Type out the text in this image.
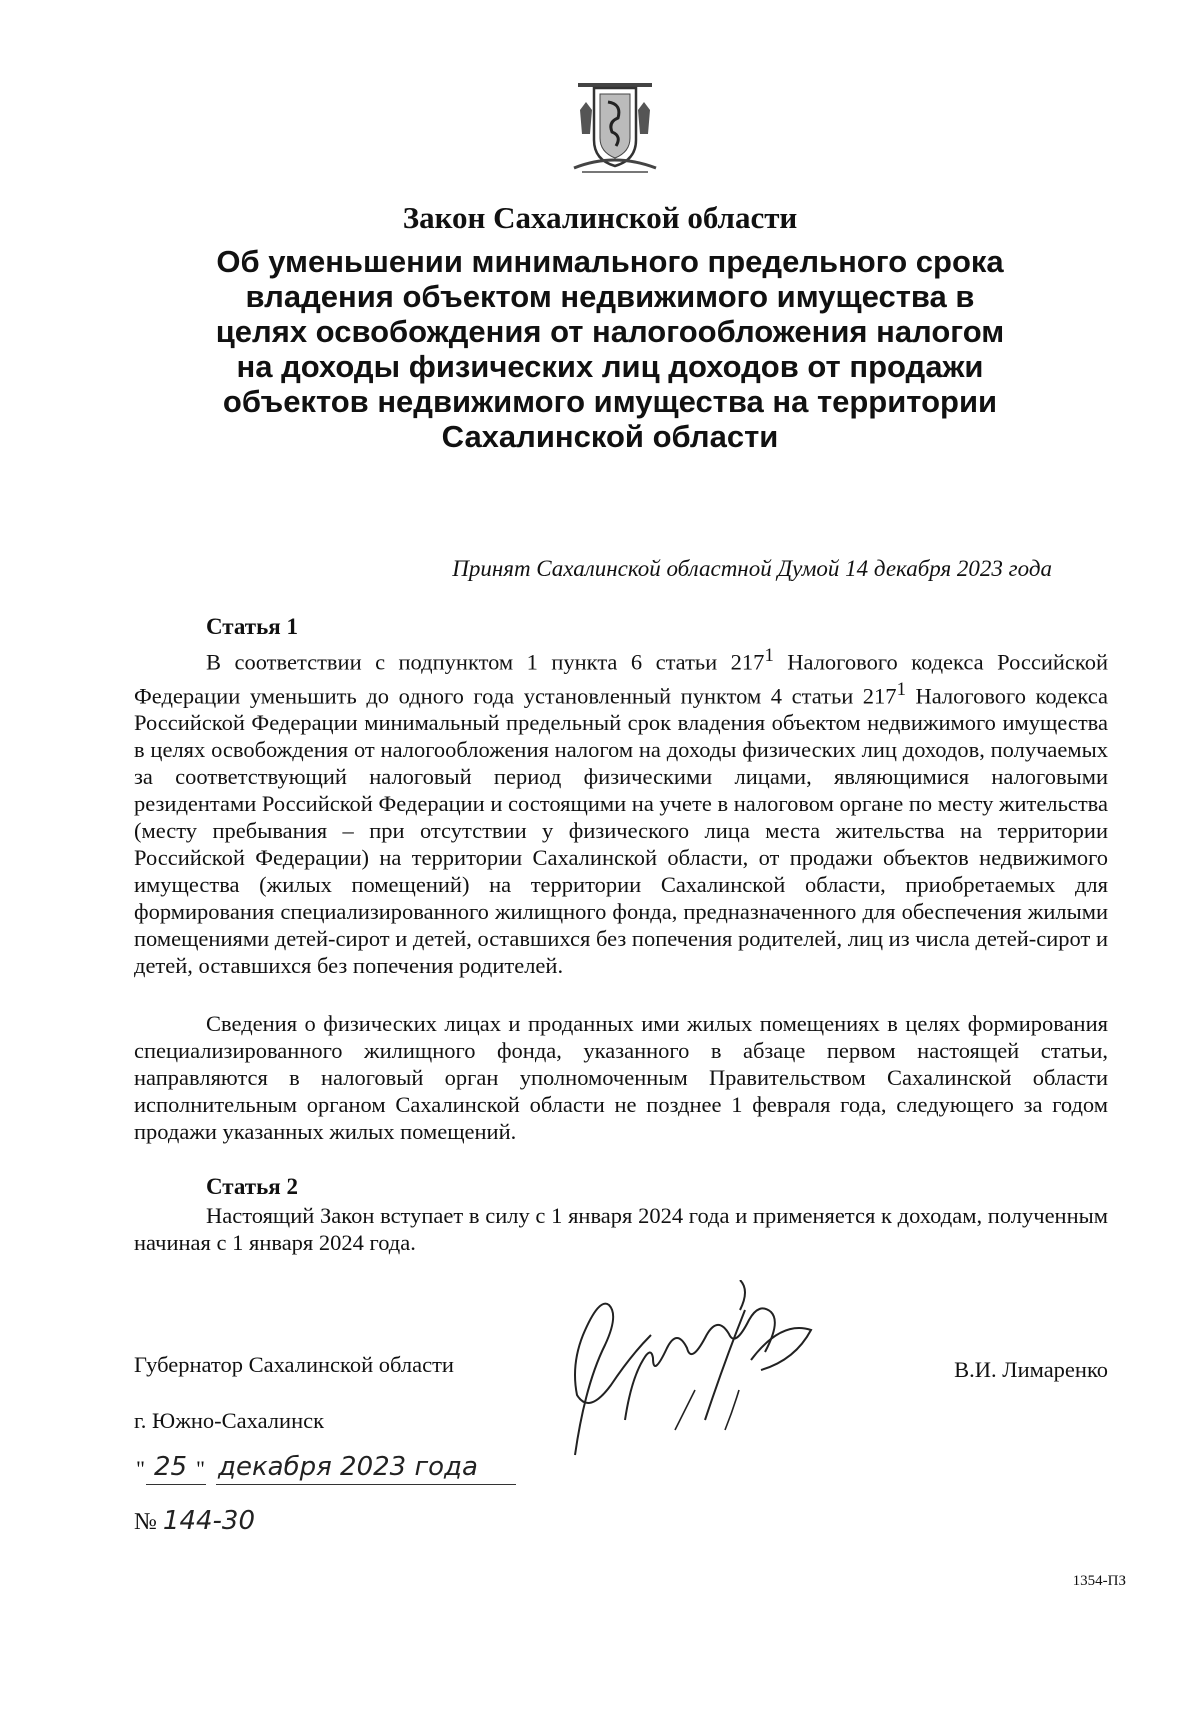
Закон Сахалинской области
Об уменьшении минимального предельного срока
владения объектом недвижимого имущества в
целях освобождения от налогообложения налогом
на доходы физических лиц доходов от продажи
объектов недвижимого имущества на территории
Сахалинской области
Принят Сахалинской областной Думой 14 декабря 2023 года
Статья 1

В соответствии с подпунктом 1 пункта 6 статьи $217^1$ Налогового кодекса Российской Федерации уменьшить до одного года установленный пунктом 4 статьи $217^1$ Налогового кодекса Российской Федерации минимальный предельный срок владения объектом недвижимого имущества в целях освобождения от налогообложения налогом на доходы физических лиц доходов, получаемых за соответствующий налоговый период физическими лицами, являющимися налоговыми резидентами Российской Федерации и состоящими на учете в налоговом органе по месту жительства (месту пребывания – при отсутствии у физического лица места жительства на территории Российской Федерации) на территории Сахалинской области, от продажи объектов недвижимого имущества (жилых помещений) на территории Сахалинской области, приобретаемых для формирования специализированного жилищного фонда, предназначенного для обеспечения жилыми помещениями детей-сирот и детей, оставшихся без попечения родителей, лиц из числа детей-сирот и детей, оставшихся без попечения родителей.

Сведения о физических лицах и проданных ими жилых помещениях в целях формирования специализированного жилищного фонда, указанного в абзаце первом настоящей статьи, направляются в налоговый орган уполномоченным Правительством Сахалинской области исполнительным органом Сахалинской области не позднее 1 февраля года, следующего за годом продажи указанных жилых помещений.

Статья 2

Настоящий Закон вступает в силу с 1 января 2024 года и применяется к доходам, полученным начиная с 1 января 2024 года.

Губернатор Сахалинской области	В.И. Лимаренко
г. Южно-Сахалинск
" 25 " декабря 2023 года
№ 144-30
1354-ПЗ
